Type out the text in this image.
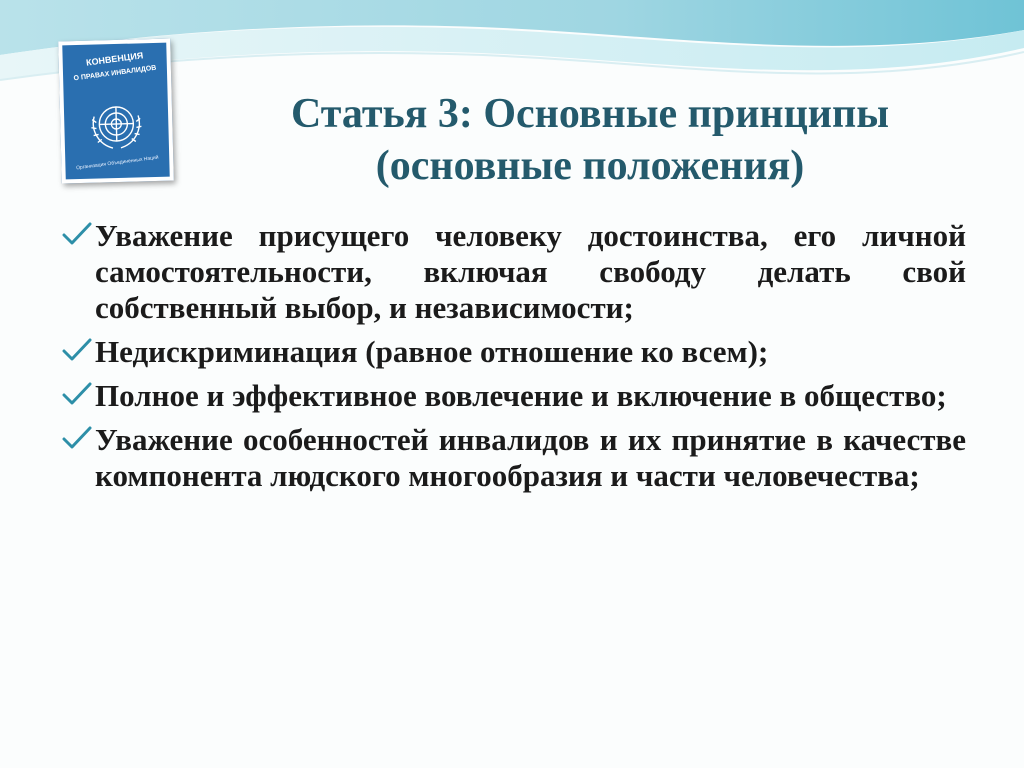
КОНВЕНЦИЯ
О ПРАВАХ ИНВАЛИДОВ
Организация Объединенных Наций
Статья 3: Основные принципы
(основные положения)
Уважение присущего человеку достоинства, его личной самостоятельности, включая свободу делать свой собственный выбор, и независимости;
Недискриминация (равное отношение ко всем);
Полное и эффективное вовлечение и включение в общество;
Уважение особенностей инвалидов и их принятие в качестве компонента людского многообразия и части человечества;
